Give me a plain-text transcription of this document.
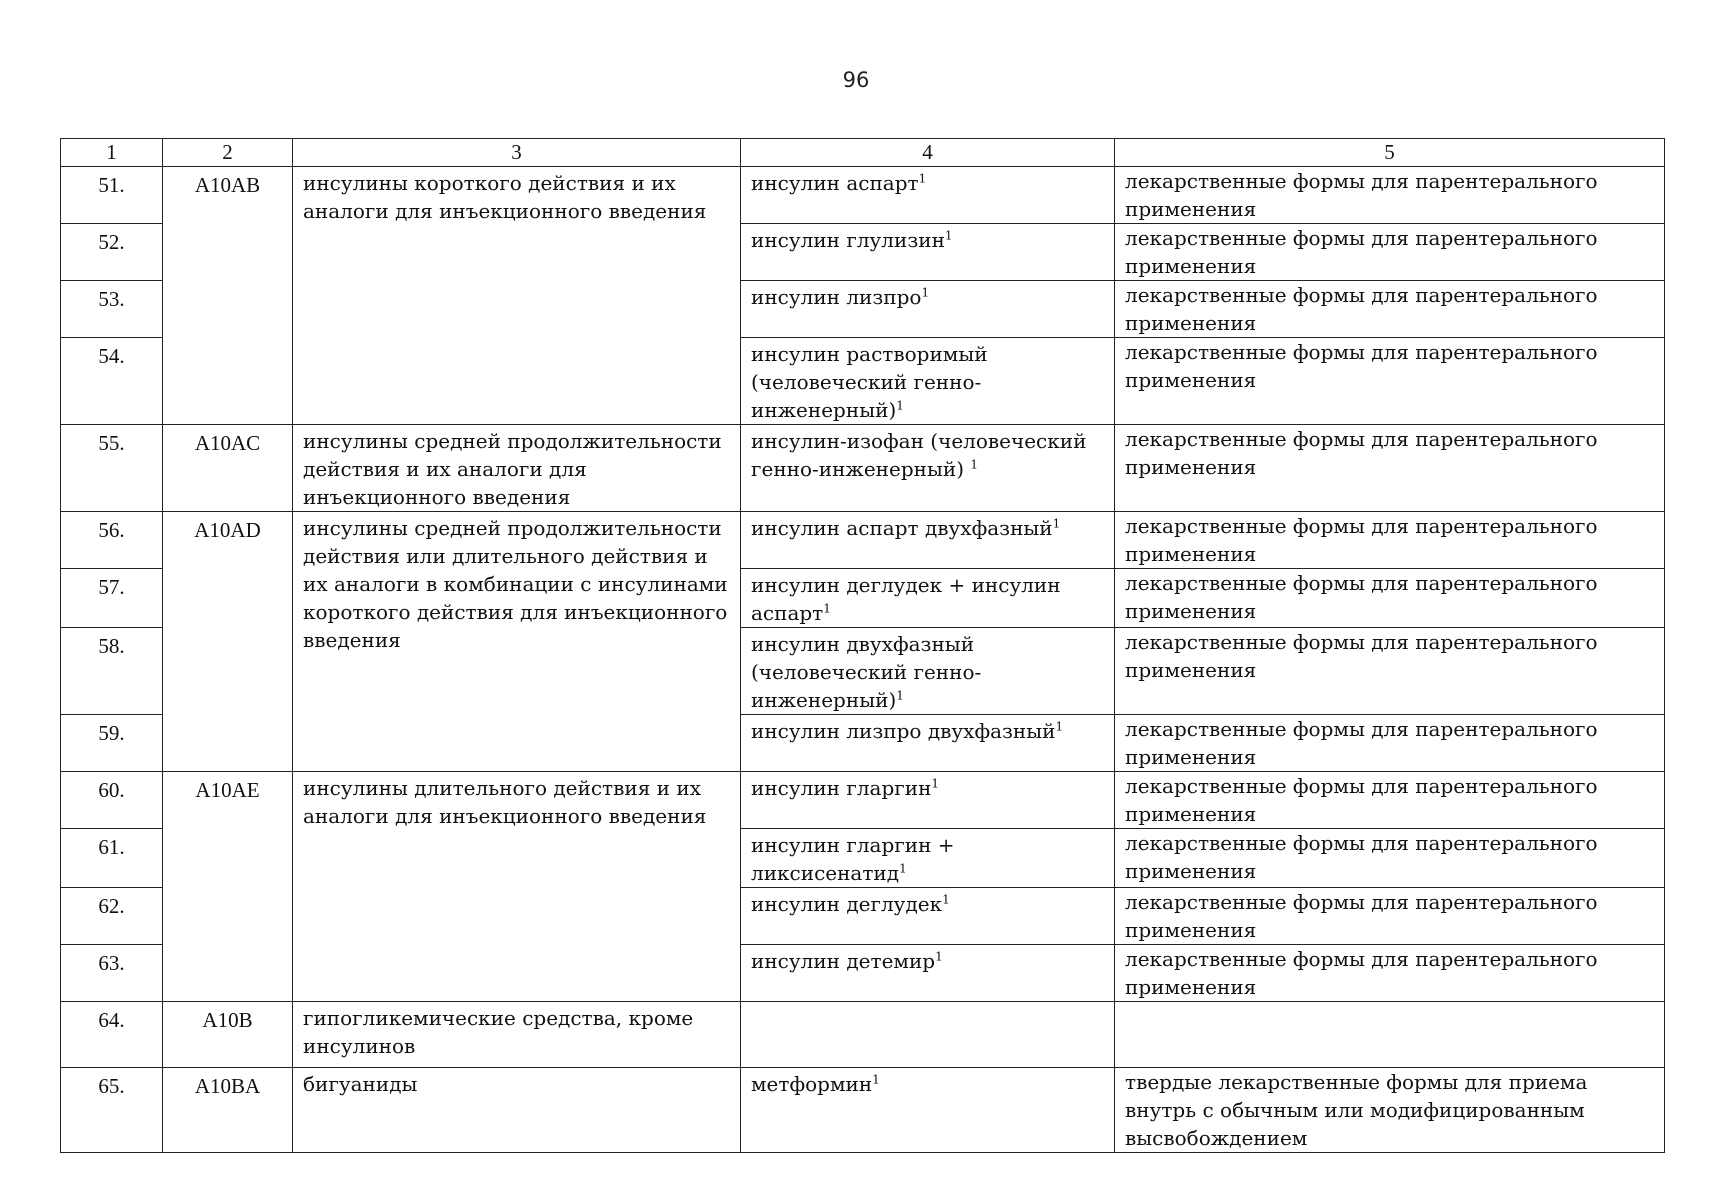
96
1	2	3	4	5
51.	A10AB	инсулины короткого действия и их аналоги для инъекционного введения	инсулин аспарт$^1$	лекарственные формы для парентерального применения
52.			инсулин глулизин$^1$	лекарственные формы для парентерального применения
53.			инсулин лизпро$^1$	лекарственные формы для парентерального применения
54.			инсулин растворимый (человеческий генно-инженерный)$^1$	лекарственные формы для парентерального применения
55.	A10AC	инсулины средней продолжительности действия и их аналоги для инъекционного введения	инсулин-изофан (человеческий генно-инженерный) $^1$	лекарственные формы для парентерального применения
56.	A10AD	инсулины средней продолжительности действия или длительного действия и их аналоги в комбинации с инсулинами короткого действия для инъекционного введения	инсулин аспарт двухфазный$^1$	лекарственные формы для парентерального применения
57.			инсулин деглудек + инсулин аспарт$^1$	лекарственные формы для парентерального применения
58.			инсулин двухфазный (человеческий генно-инженерный)$^1$	лекарственные формы для парентерального применения
59.			инсулин лизпро двухфазный$^1$	лекарственные формы для парентерального применения
60.	A10AE	инсулины длительного действия и их аналоги для инъекционного введения	инсулин гларгин$^1$	лекарственные формы для парентерального применения
61.			инсулин гларгин + ликсисенатид$^1$	лекарственные формы для парентерального применения
62.			инсулин деглудек$^1$	лекарственные формы для парентерального применения
63.			инсулин детемир$^1$	лекарственные формы для парентерального применения
64.	A10B	гипогликемические средства, кроме инсулинов		
65.	A10BA	бигуаниды	метформин$^1$	твердые лекарственные формы для приема внутрь с обычным или модифицированным высвобождением
